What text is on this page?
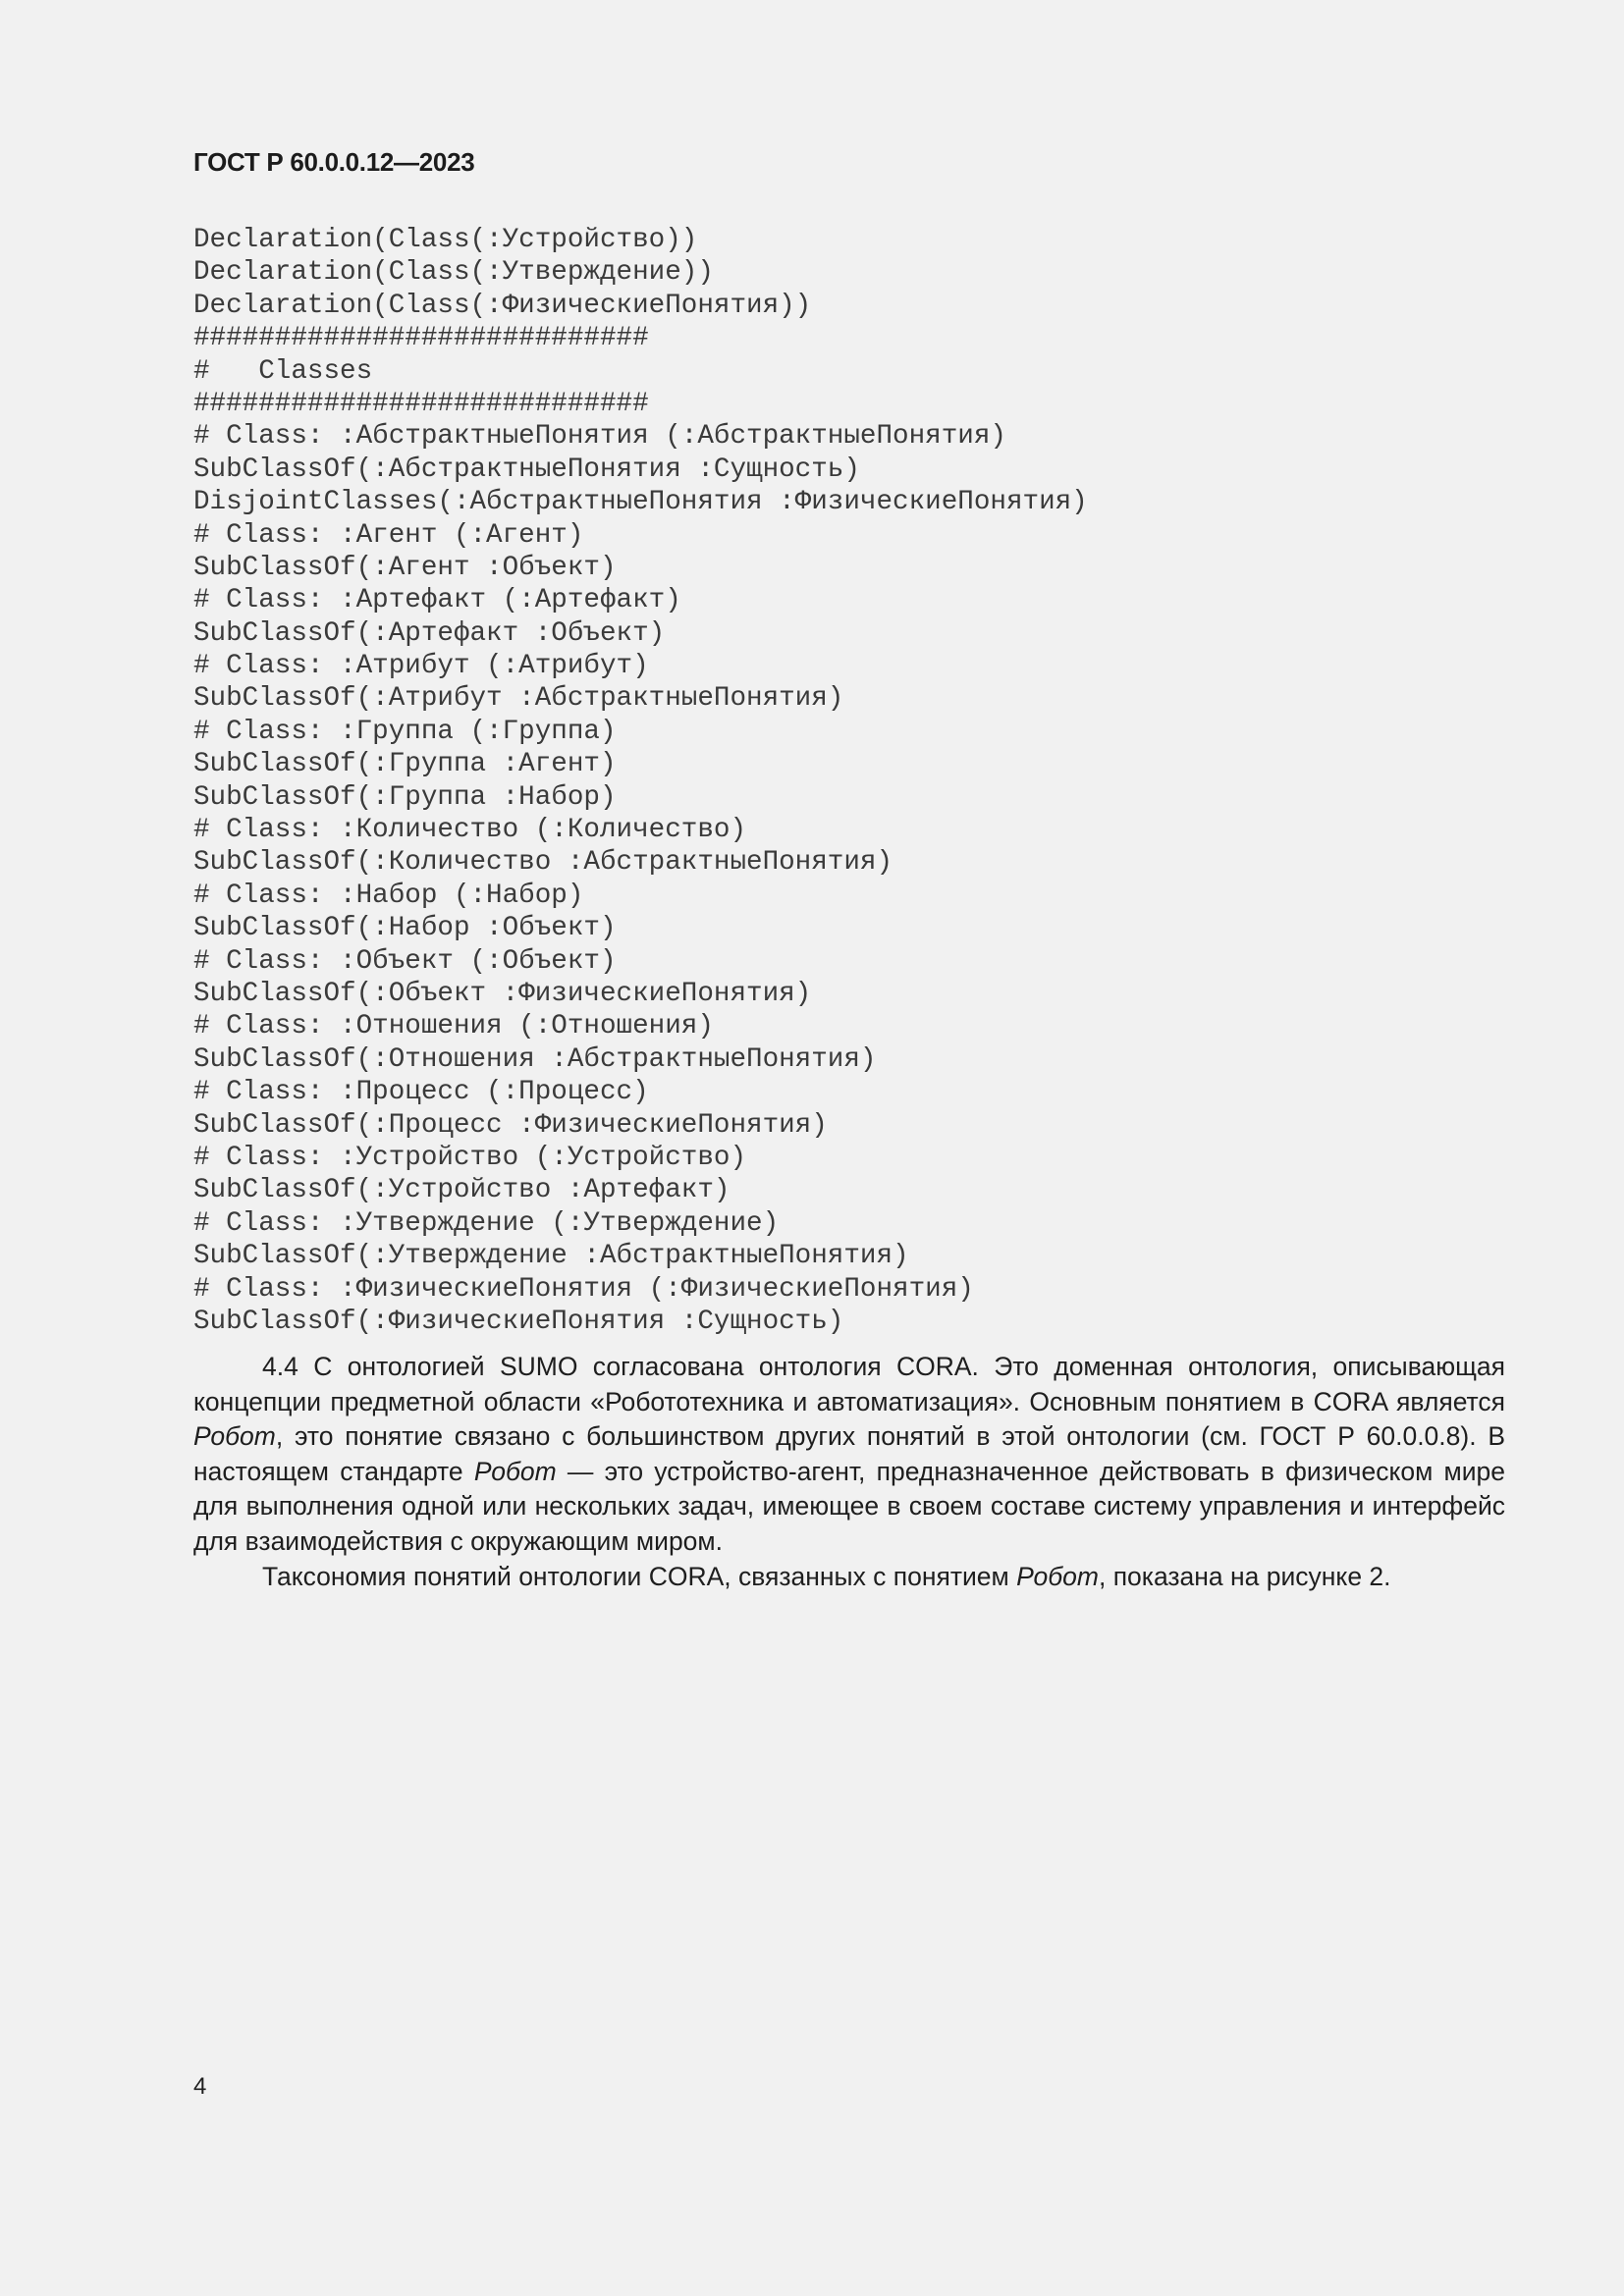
ГОСТ Р 60.0.0.12—2023
Declaration(Class(:Устройство))
Declaration(Class(:Утверждение))
Declaration(Class(:ФизическиеПонятия))
############################
#   Classes
############################
# Class: :АбстрактныеПонятия (:АбстрактныеПонятия)
SubClassOf(:АбстрактныеПонятия :Сущность)
DisjointClasses(:АбстрактныеПонятия :ФизическиеПонятия)
# Class: :Агент (:Агент)
SubClassOf(:Агент :Объект)
# Class: :Артефакт (:Артефакт)
SubClassOf(:Артефакт :Объект)
# Class: :Атрибут (:Атрибут)
SubClassOf(:Атрибут :АбстрактныеПонятия)
# Class: :Группа (:Группа)
SubClassOf(:Группа :Агент)
SubClassOf(:Группа :Набор)
# Class: :Количество (:Количество)
SubClassOf(:Количество :АбстрактныеПонятия)
# Class: :Набор (:Набор)
SubClassOf(:Набор :Объект)
# Class: :Объект (:Объект)
SubClassOf(:Объект :ФизическиеПонятия)
# Class: :Отношения (:Отношения)
SubClassOf(:Отношения :АбстрактныеПонятия)
# Class: :Процесс (:Процесс)
SubClassOf(:Процесс :ФизическиеПонятия)
# Class: :Устройство (:Устройство)
SubClassOf(:Устройство :Артефакт)
# Class: :Утверждение (:Утверждение)
SubClassOf(:Утверждение :АбстрактныеПонятия)
# Class: :ФизическиеПонятия (:ФизическиеПонятия)
SubClassOf(:ФизическиеПонятия :Сущность)

4.4 С онтологией SUMO согласована онтология CORA. Это доменная онтология, описывающая концепции предметной области «Робототехника и автоматизация». Основным понятием в CORA является Робот, это понятие связано с большинством других понятий в этой онтологии (см. ГОСТ Р 60.0.0.8). В настоящем стандарте Робот — это устройство-агент, предназначенное действовать в физическом мире для выполнения одной или нескольких задач, имеющее в своем составе систему управления и интерфейс для взаимодействия с окружающим миром.

Таксономия понятий онтологии CORA, связанных с понятием Робот, показана на рисунке 2.

4
